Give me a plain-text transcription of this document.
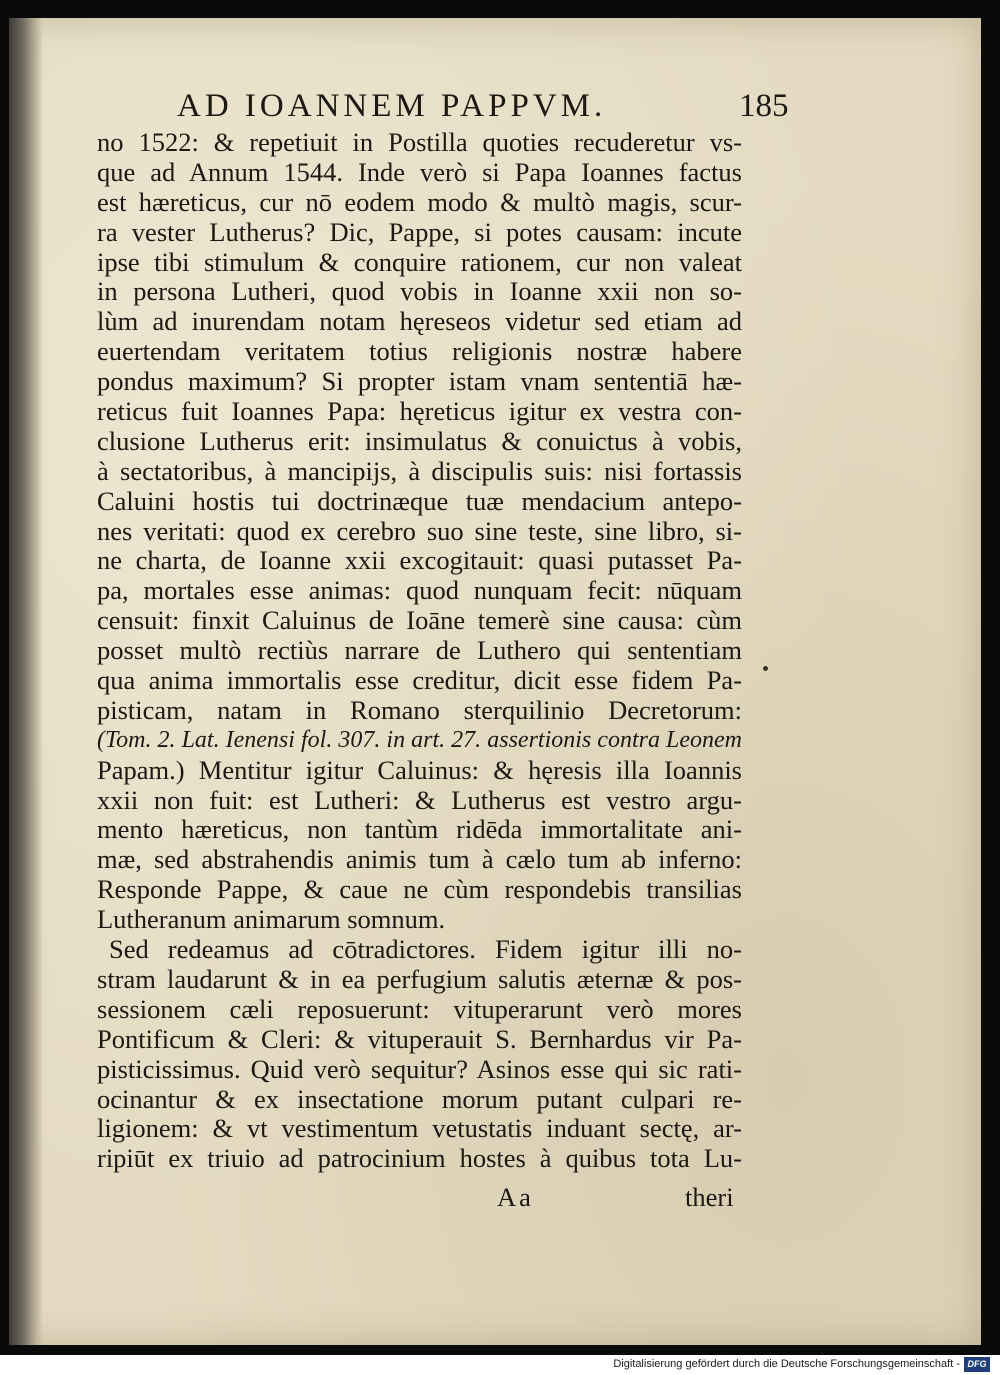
AD IOANNEM PAPPVM.	185
no 1522: & repetiuit in Postilla quoties recuderetur vs-
que ad Annum 1544. Inde verò si Papa Ioannes factus
est hæreticus, cur nō eodem modo & multò magis, scur-
ra vester Lutherus? Dic, Pappe, si potes causam: incute
ipse tibi stimulum & conquire rationem, cur non valeat
in persona Lutheri, quod vobis in Ioanne xxii non so-
lùm ad inurendam notam hęreseos videtur sed etiam ad
euertendam veritatem totius religionis nostræ habere
pondus maximum? Si propter istam vnam sententiā hæ-
reticus fuit Ioannes Papa: hęreticus igitur ex vestra con-
clusione Lutherus erit: insimulatus & conuictus à vobis,
à sectatoribus, à mancipijs, à discipulis suis: nisi fortassis
Caluini hostis tui doctrinæque tuæ mendacium antepo-
nes veritati: quod ex cerebro suo sine teste, sine libro, si-
ne charta, de Ioanne xxii excogitauit: quasi putasset Pa-
pa, mortales esse animas: quod nunquam fecit: nūquam
censuit: finxit Caluinus de Ioāne temerè sine causa: cùm
posset multò rectiùs narrare de Luthero qui sententiam
qua anima immortalis esse creditur, dicit esse fidem Pa-
pisticam, natam in Romano sterquilinio Decretorum:
(Tom. 2. Lat. Ienensi fol. 307. in art. 27. assertionis contra Leonem
Papam.) Mentitur igitur Caluinus: & hęresis illa Ioannis
xxii non fuit: est Lutheri: & Lutherus est vestro argu-
mento hæreticus, non tantùm ridēda immortalitate ani-
mæ, sed abstrahendis animis tum à cælo tum ab inferno:
Responde Pappe, & caue ne cùm respondebis transilias
Lutheranum animarum somnum.
Sed redeamus ad cōtradictores. Fidem igitur illi no-
stram laudarunt & in ea perfugium salutis æternæ & pos-
sessionem cæli reposuerunt: vituperarunt verò mores
Pontificum & Cleri: & vituperauit S. Bernhardus vir Pa-
pisticissimus. Quid verò sequitur? Asinos esse qui sic rati-
ocinantur & ex insectatione morum putant culpari re-
ligionem: & vt vestimentum vetustatis induant sectę, ar-
ripiūt ex triuio ad patrocinium hostes à quibus tota Lu-
Aa	theri
Digitalisierung gefördert durch die Deutsche Forschungsgemeinschaft - DFG
